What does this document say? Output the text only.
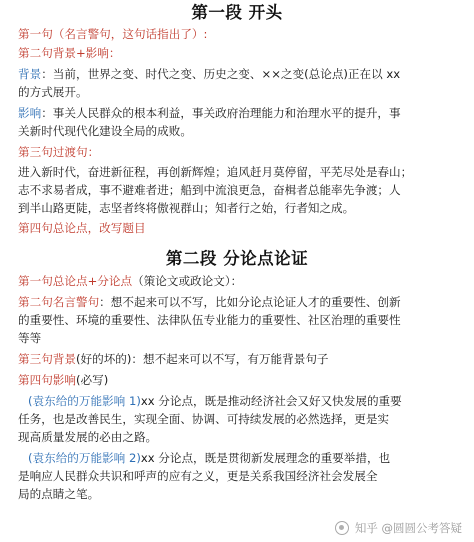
第一段 开头

第一句（名言警句，这句话指出了）:

第二句背景+影响：

背景：当前，世界之变、时代之变、历史之变、××之变(总论点)正在以 xx

的方式展开。

影响：事关人民群众的根本利益，事关政府治理能力和治理水平的提升，事

关新时代现代化建设全局的成败。

第三句过渡句：

进入新时代，奋进新征程，再创新辉煌；追风赶月莫停留，平芜尽处是春山；

志不求易者成，事不避难者进；船到中流浪更急，奋楫者总能率先争渡；人

到半山路更陡，志坚者终将傲视群山；知者行之始，行者知之成。

第四句总论点，改写题目

第二段 分论点论证

第一句总论点+分论点（策论文或政论文）：

第二句名言警句：想不起来可以不写，比如分论点论证人才的重要性、创新

的重要性、环境的重要性、法律队伍专业能力的重要性、社区治理的重要性

等等

第三句背景(好的坏的)：想不起来可以不写，有万能背景句子

第四句影响(必写)

(袁东给的万能影响 1)xx 分论点，既是推动经济社会又好又快发展的重要

任务，也是改善民生，实现全面、协调、可持续发展的必然选择，更是实

现高质量发展的必由之路。

(袁东给的万能影响 2)xx 分论点，既是贯彻新发展理念的重要举措，也

是响应人民群众共识和呼声的应有之义，更是关系我国经济社会发展全

局的点睛之笔。

知乎 @圆圆公考答疑
